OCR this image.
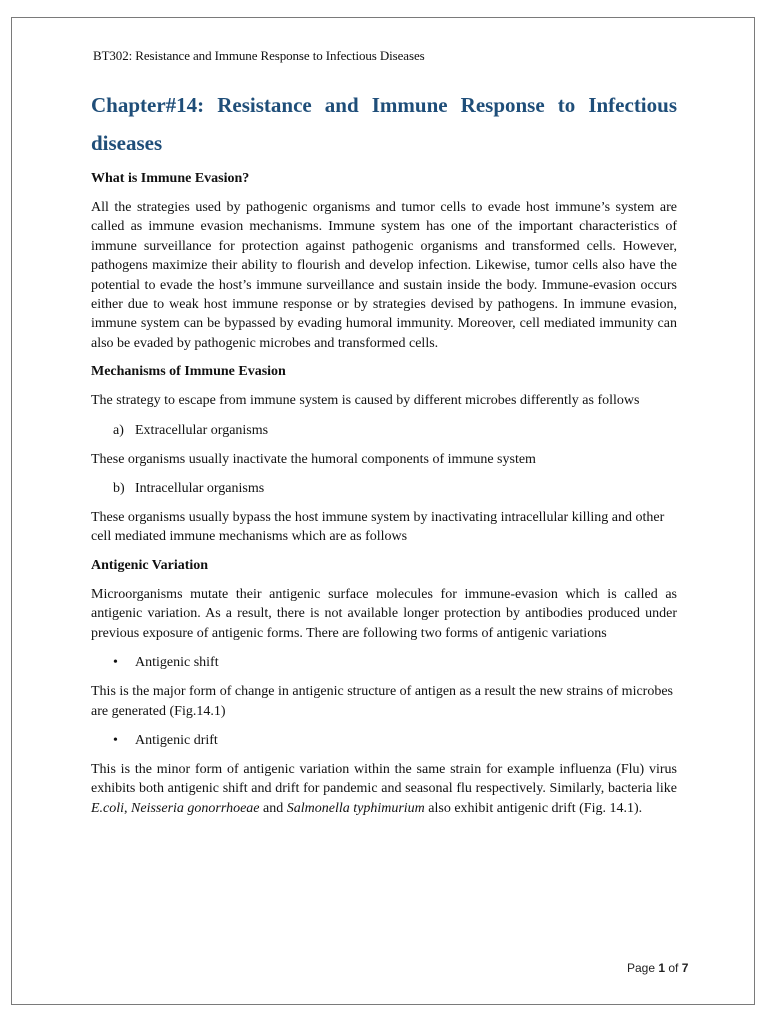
BT302: Resistance and Immune Response to Infectious Diseases
Chapter#14: Resistance and Immune Response to Infectious diseases
What is Immune Evasion?

All the strategies used by pathogenic organisms and tumor cells to evade host immune’s system are called as immune evasion mechanisms. Immune system has one of the important characteristics of immune surveillance for protection against pathogenic organisms and transformed cells. However, pathogens maximize their ability to flourish and develop infection. Likewise, tumor cells also have the potential to evade the host’s immune surveillance and sustain inside the body. Immune-evasion occurs either due to weak host immune response or by strategies devised by pathogens. In immune evasion, immune system can be bypassed by evading humoral immunity. Moreover, cell mediated immunity can also be evaded by pathogenic microbes and transformed cells.

Mechanisms of Immune Evasion

The strategy to escape from immune system is caused by different microbes differently as follows

a) Extracellular organisms

These organisms usually inactivate the humoral components of immune system

b) Intracellular organisms

These organisms usually bypass the host immune system by inactivating intracellular killing and other cell mediated immune mechanisms which are as follows

Antigenic Variation

Microorganisms mutate their antigenic surface molecules for immune-evasion which is called as antigenic variation. As a result, there is not available longer protection by antibodies produced under previous exposure of antigenic forms. There are following two forms of antigenic variations

•	Antigenic shift

This is the major form of change in antigenic structure of antigen as a result the new strains of microbes are generated (Fig.14.1)

•	Antigenic drift

This is the minor form of antigenic variation within the same strain for example influenza (Flu) virus exhibits both antigenic shift and drift for pandemic and seasonal flu respectively. Similarly, bacteria like E.coli, Neisseria gonorrhoeae and Salmonella typhimurium also exhibit antigenic drift (Fig. 14.1).

Page 1 of 7
